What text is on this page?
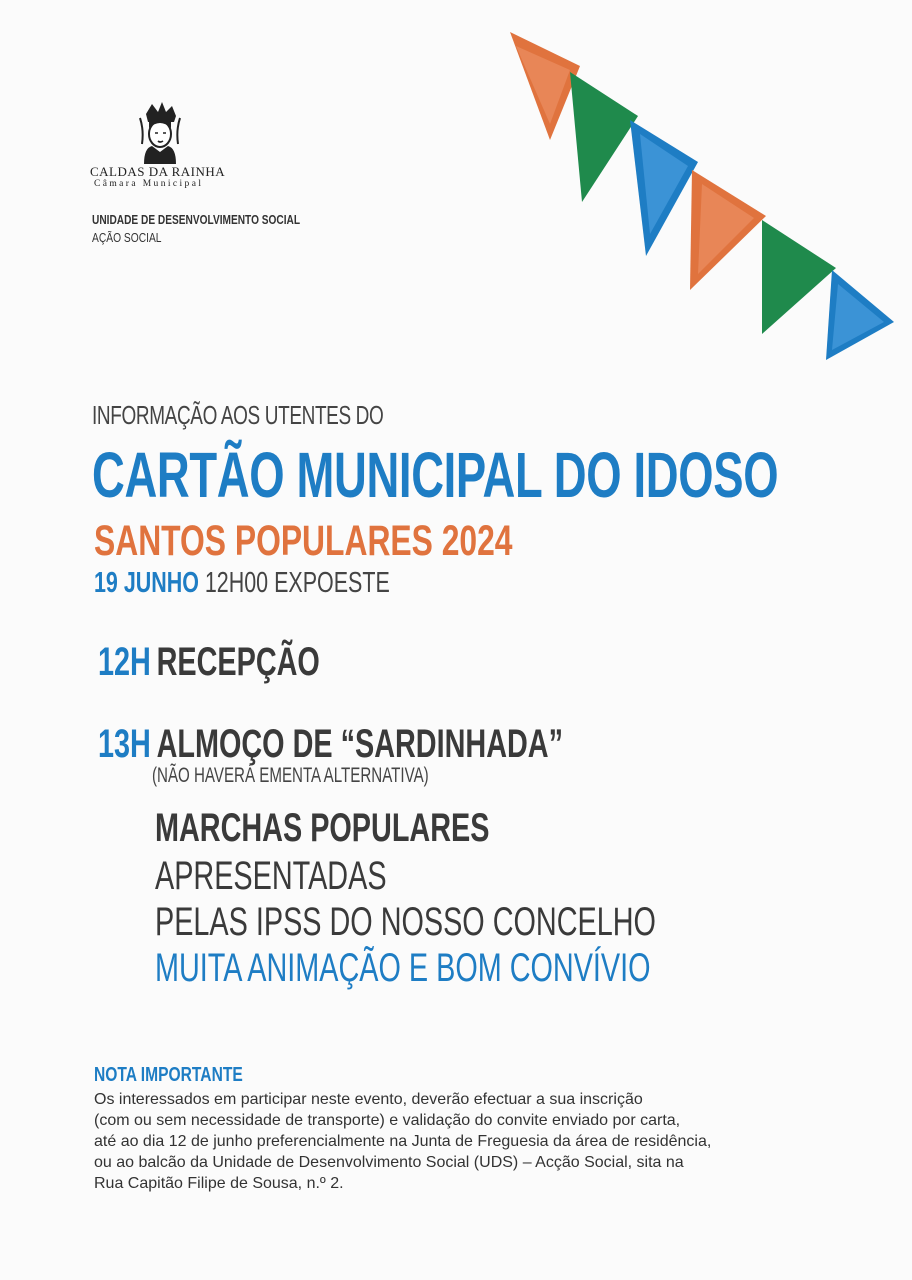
CALDAS DA RAINHA
Câmara Municipal
UNIDADE DE DESENVOLVIMENTO SOCIAL
AÇÃO SOCIAL
INFORMAÇÃO AOS UTENTES DO
CARTÃO MUNICIPAL DO IDOSO
SANTOS POPULARES 2024
19 JUNHO 12H00 EXPOESTE
12H RECEPÇÃO
13H ALMOÇO DE “SARDINHADA”
(NÃO HAVERÁ EMENTA ALTERNATIVA)
MARCHAS POPULARES
APRESENTADAS
PELAS IPSS DO NOSSO CONCELHO
MUITA ANIMAÇÃO E BOM CONVÍVIO
NOTA IMPORTANTE
Os interessados em participar neste evento, deverão efectuar a sua inscrição
(com ou sem necessidade de transporte) e validação do convite enviado por carta,
até ao dia 12 de junho preferencialmente na Junta de Freguesia da área de residência,
ou ao balcão da Unidade de Desenvolvimento Social (UDS) – Acção Social, sita na
Rua Capitão Filipe de Sousa, n.º 2.
